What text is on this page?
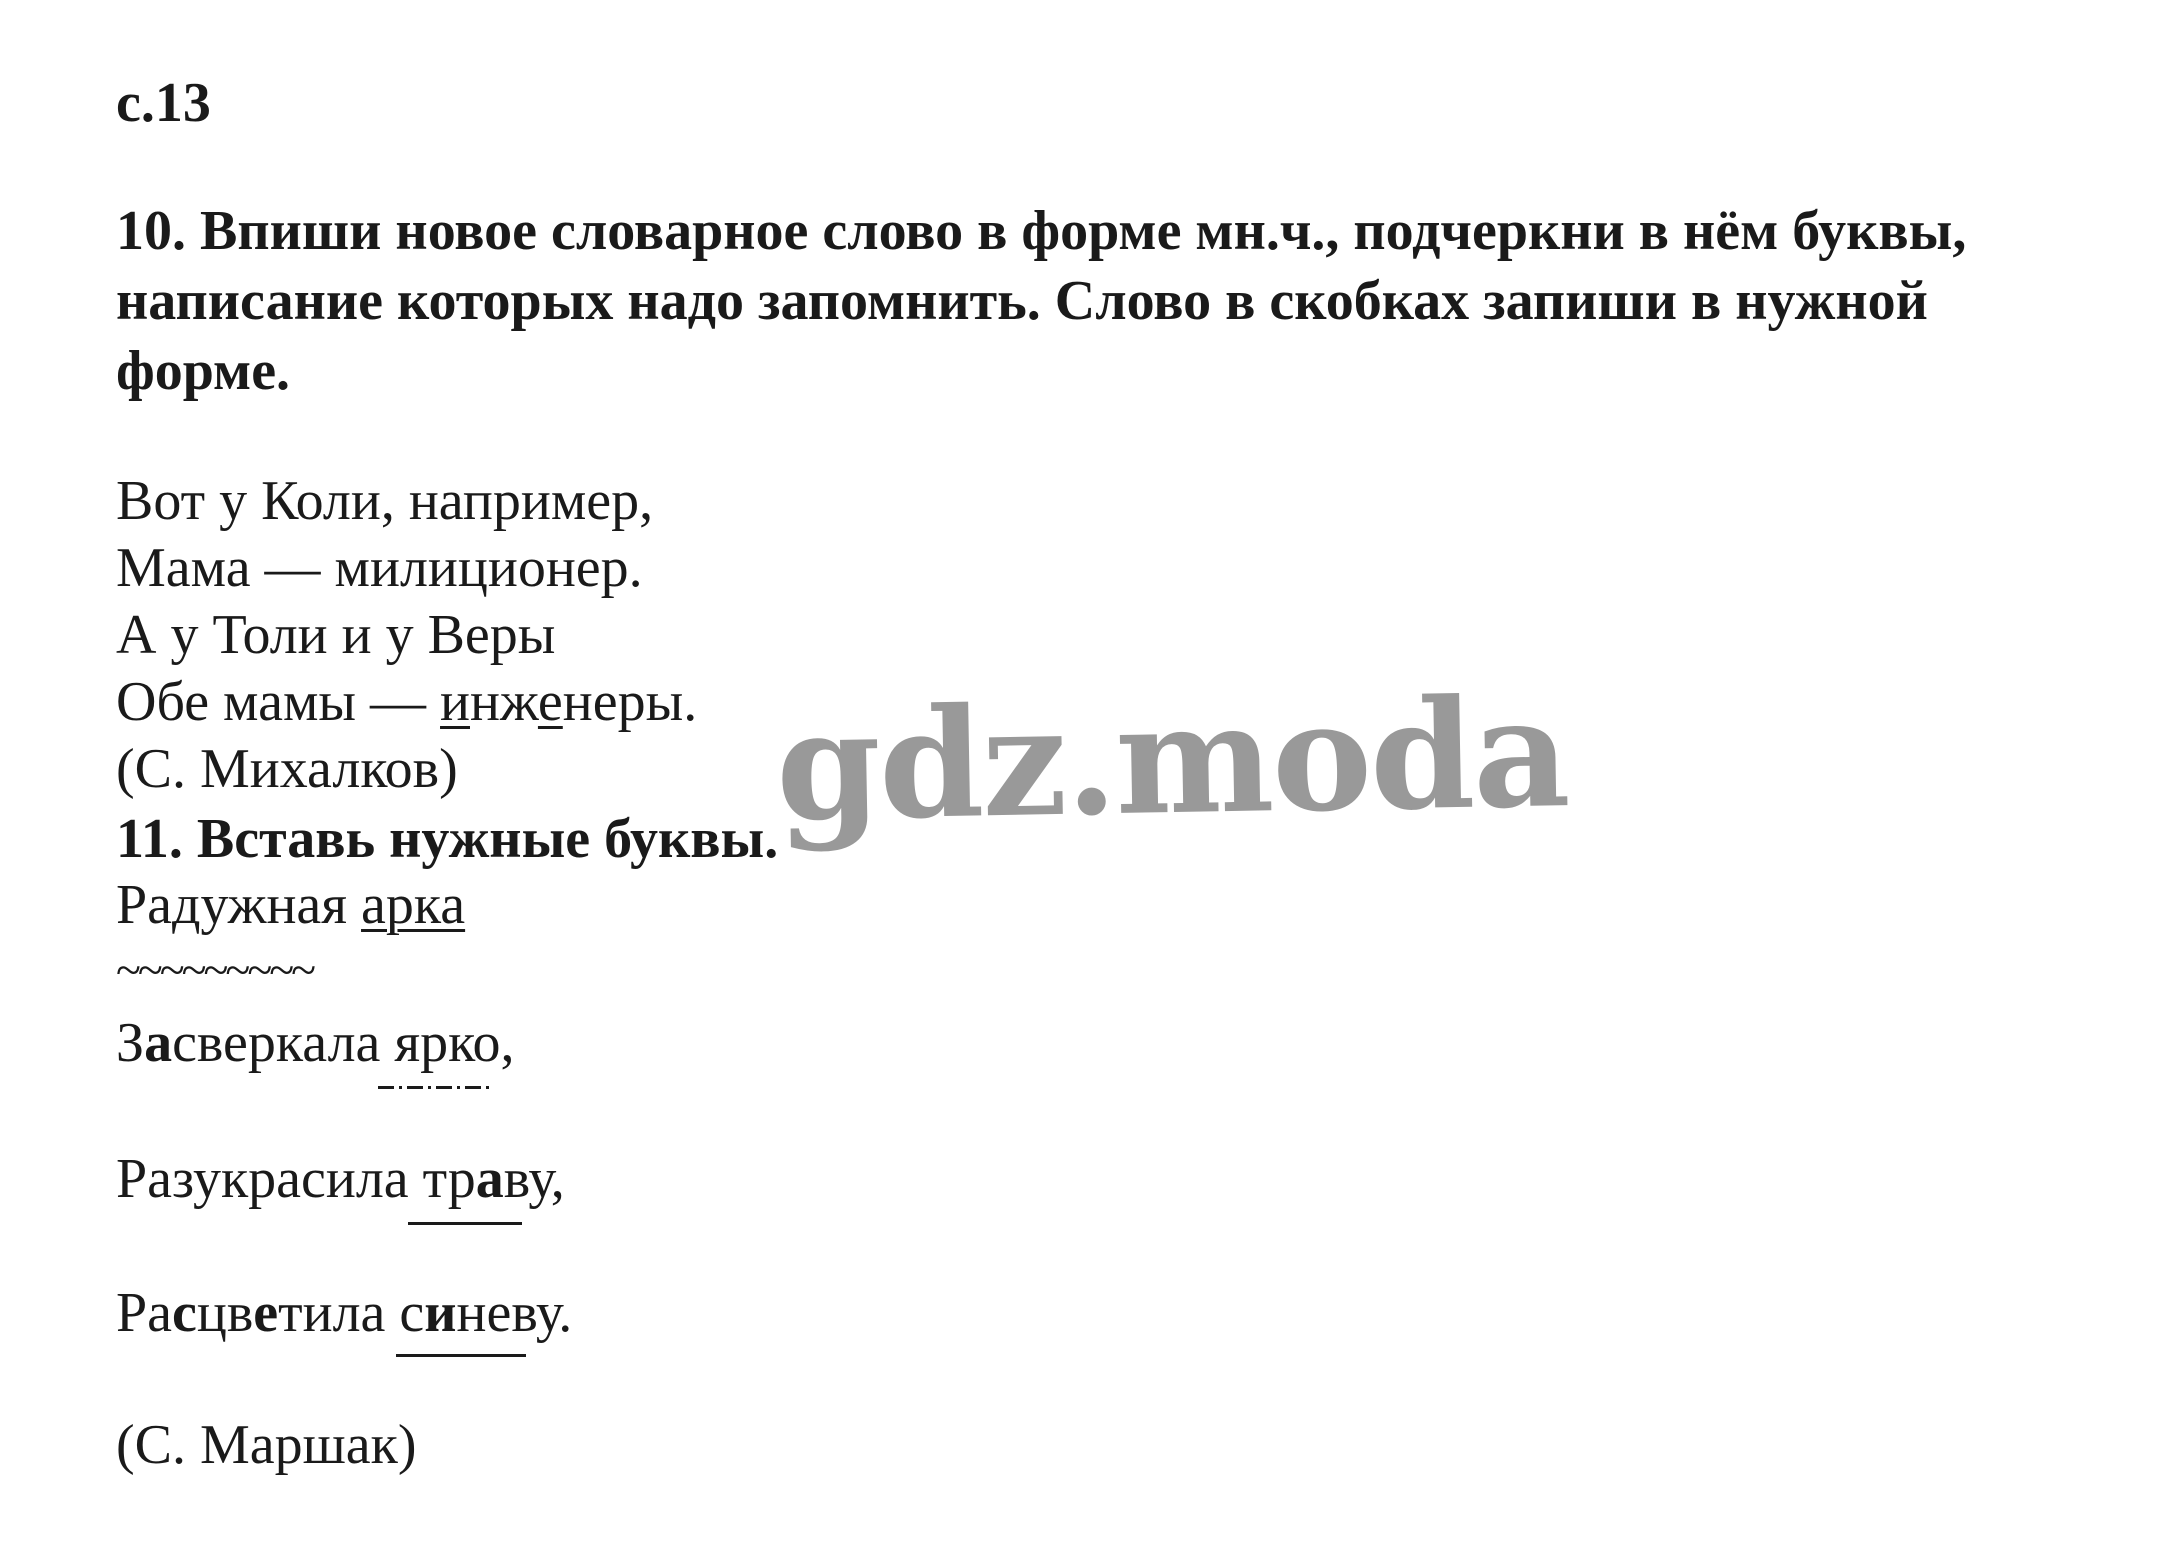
с.13
10. Впиши новое словарное слово в форме мн.ч., подчеркни в нём буквы,
написание которых надо запомнить. Слово в скобках запиши в нужной
форме.
Вот у Коли, например,
Мама — милиционер.
А у Толи и у Веры
Обе мамы — инженеры.
(С. Михалков)
11. Вставь нужные буквы.
Радужная арка
~~~~~~~~~
Засверкала ярко,
Разукрасила траву,
Расцветила синеву.
(С. Маршак)
gdz.moda
